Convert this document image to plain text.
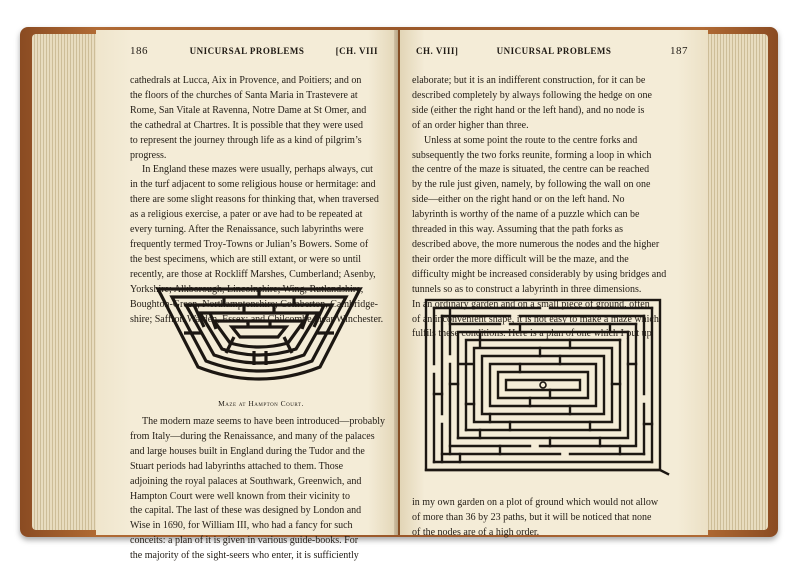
186	UNICURSAL PROBLEMS	[CH. VIII
cathedrals at Lucca, Aix in Provence, and Poitiers; and on
the floors of the churches of Santa Maria in Trastevere at
Rome, San Vitale at Ravenna, Notre Dame at St Omer, and
the cathedral at Chartres. It is possible that they were used
to represent the journey through life as a kind of pilgrim’s
progress.
In England these mazes were usually, perhaps always, cut
in the turf adjacent to some religious house or hermitage: and
there are some slight reasons for thinking that, when traversed
as a religious exercise, a pater or ave had to be repeated at
every turning. After the Renaissance, such labyrinths were
frequently termed Troy-Towns or Julian’s Bowers. Some of
the best specimens, which are still extant, or were so until
recently, are those at Rockliff Marshes, Cumberland; Asenby,
Yorkshire; Alkborough, Lincolnshire; Wing, Rutlandshire;
Boughton-Green, Northamptonshire; Comberton, Cambridge-
shire; Saffron Walden, Essex; and Chilcombe, near Winchester.
Maze at Hampton Court.
The modern maze seems to have been introduced—probably
from Italy—during the Renaissance, and many of the palaces
and large houses built in England during the Tudor and the
Stuart periods had labyrinths attached to them. Those
adjoining the royal palaces at Southwark, Greenwich, and
Hampton Court were well known from their vicinity to
the capital. The last of these was designed by London and
Wise in 1690, for William III, who had a fancy for such
conceits: a plan of it is given in various guide-books. For
the majority of the sight-seers who enter, it is sufficiently
CH. VIII]	UNICURSAL PROBLEMS	187
elaborate; but it is an indifferent construction, for it can be
described completely by always following the hedge on one
side (either the right hand or the left hand), and no node is
of an order higher than three.
Unless at some point the route to the centre forks and
subsequently the two forks reunite, forming a loop in which
the centre of the maze is situated, the centre can be reached
by the rule just given, namely, by following the wall on one
side—either on the right hand or on the left hand. No
labyrinth is worthy of the name of a puzzle which can be
threaded in this way. Assuming that the path forks as
described above, the more numerous the nodes and the higher
their order the more difficult will be the maze, and the
difficulty might be increased considerably by using bridges and
tunnels so as to construct a labyrinth in three dimensions.
In an ordinary garden and on a small piece of ground, often
of an inconvenient shape, it is not easy to make a maze which
fulfils these conditions. Here is a plan of one which I put up
in my own garden on a plot of ground which would not allow
of more than 36 by 23 paths, but it will be noticed that none
of the nodes are of a high order.
